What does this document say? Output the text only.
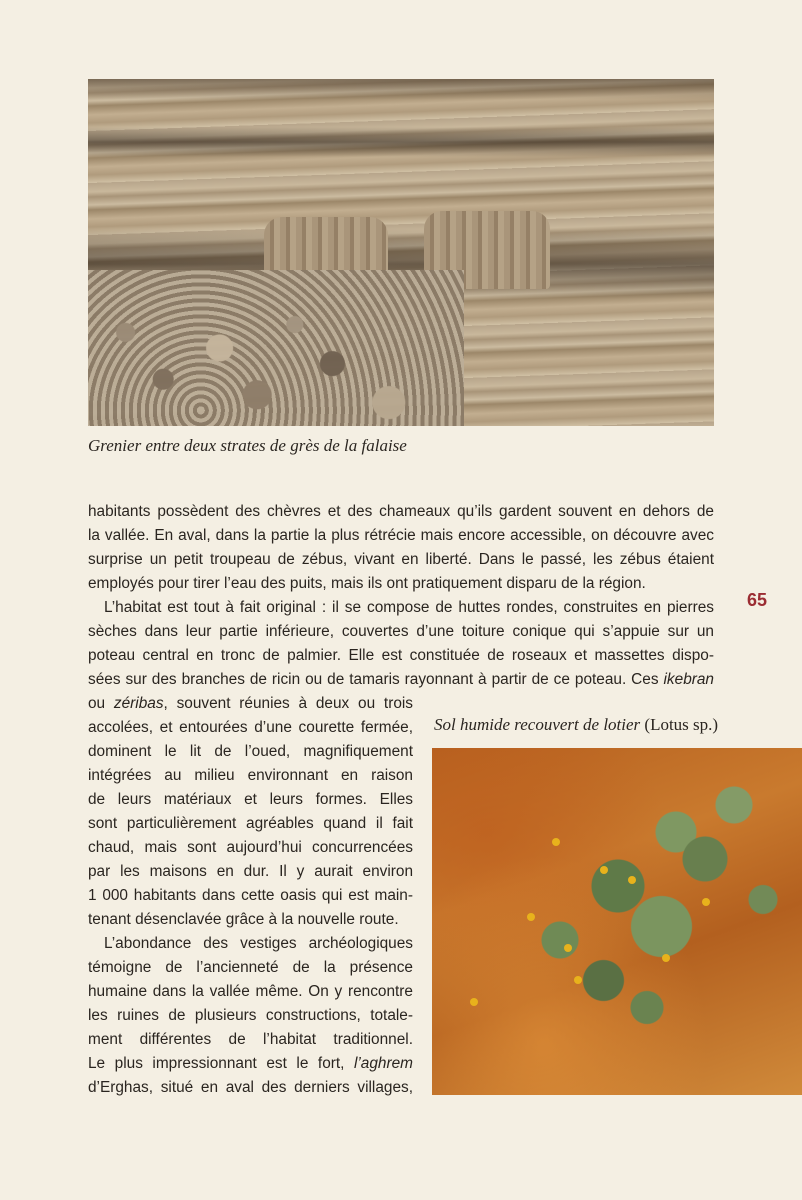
Grenier entre deux strates de grès de la falaise
65
habitants possèdent des chèvres et des chameaux qu’ils gardent souvent en dehors de
la vallée. En aval, dans la partie la plus rétrécie mais encore accessible, on découvre avec
surprise un petit troupeau de zébus, vivant en liberté. Dans le passé, les zébus étaient
employés pour tirer l’eau des puits, mais ils ont pratiquement disparu de la région.
L’habitat est tout à fait original : il se compose de huttes rondes, construites en pierres
sèches dans leur partie inférieure, couvertes d’une toiture conique qui s’appuie sur un
poteau central en tronc de palmier. Elle est constituée de roseaux et massettes dispo-
sées sur des branches de ricin ou de tamaris rayonnant à partir de ce poteau. Ces ikebran
ou zéribas, souvent réunies à deux ou trois
accolées, et entourées d’une courette fermée,
dominent le lit de l’oued, magnifiquement
intégrées au milieu environnant en raison
de leurs matériaux et leurs formes. Elles
sont particulièrement agréables quand il fait
chaud, mais sont aujourd’hui concurrencées
par les maisons en dur. Il y aurait environ
1 000 habitants dans cette oasis qui est main-
tenant désenclavée grâce à la nouvelle route.
L’abondance des vestiges archéologiques
témoigne de l’ancienneté de la présence
humaine dans la vallée même. On y rencontre
les ruines de plusieurs constructions, totale-
ment différentes de l’habitat traditionnel.
Le plus impressionnant est le fort, l’aghrem
d’Erghas, situé en aval des derniers villages,
Sol humide recouvert de lotier (Lotus sp.)
